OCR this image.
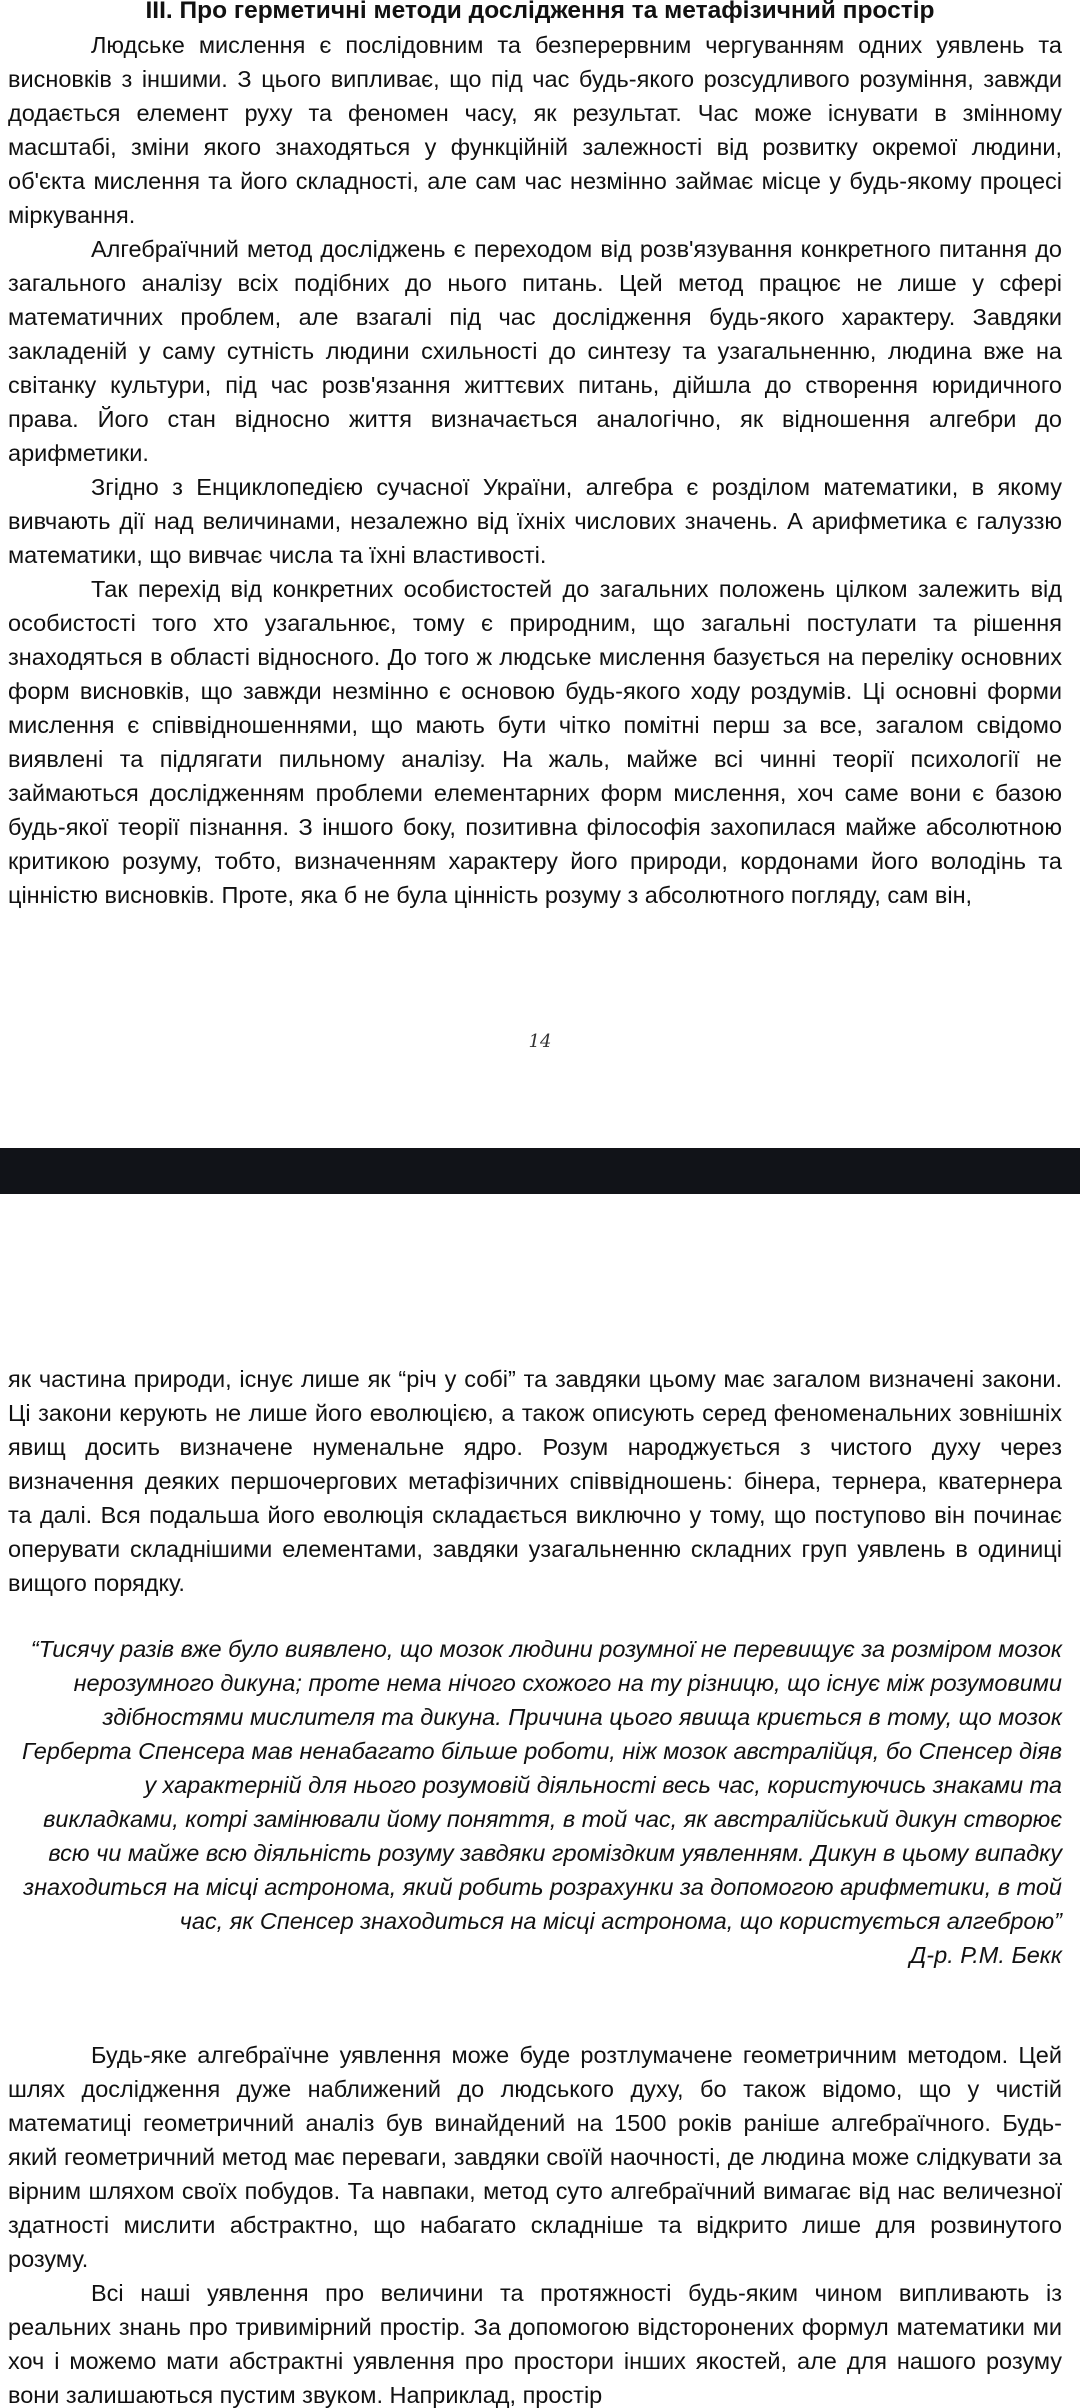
III. Про герметичні методи дослідження та метафізичний простір

Людське мислення є послідовним та безперервним чергуванням одних уявлень та висновків з іншими. З цього випливає, що під час будь-якого розсудливого розуміння, завжди додається елемент руху та феномен часу, як результат. Час може існувати в змінному масштабі, зміни якого знаходяться у функційній залежності від розвитку окремої людини, об'єкта мислення та його складності, але сам час незмінно займає місце у будь-якому процесі міркування.

Алгебраїчний метод досліджень є переходом від розв'язування конкретного питання до загального аналізу всіх подібних до нього питань. Цей метод працює не лише у сфері математичних проблем, але взагалі під час дослідження будь-якого характеру. Завдяки закладеній у саму сутність людини схильності до синтезу та узагальненню, людина вже на світанку культури, під час розв'язання життєвих питань, дійшла до створення юридичного права. Його стан відносно життя визначається аналогічно, як відношення алгебри до арифметики.

Згідно з Енциклопедією сучасної України, алгебра є розділом математики, в якому вивчають дії над величинами, незалежно від їхніх числових значень. А арифметика є галуззю математики, що вивчає числа та їхні властивості.

Так перехід від конкретних особистостей до загальних положень цілком залежить від особистості того хто узагальнює, тому є природним, що загальні постулати та рішення знаходяться в області відносного. До того ж людське мислення базується на переліку основних форм висновків, що завжди незмінно є основою будь-якого ходу роздумів. Ці основні форми мислення є співвідношеннями, що мають бути чітко помітні перш за все, загалом свідомо виявлені та підлягати пильному аналізу. На жаль, майже всі чинні теорії психології не займаються дослідженням проблеми елементарних форм мислення, хоч саме вони є базою будь-якої теорії пізнання. З іншого боку, позитивна філософія захопилася майже абсолютною критикою розуму, тобто, визначенням характеру його природи, кордонами його володінь та цінністю висновків. Проте, яка б не була цінність розуму з абсолютного погляду, сам він,

14

як частина природи, існує лише як “річ у собі” та завдяки цьому має загалом визначені закони. Ці закони керують не лише його еволюцією, а також описують серед феноменальних зовнішніх явищ досить визначене нуменальне ядро. Розум народжується з чистого духу через визначення деяких першочергових метафізичних співвідношень: бінера, тернера, кватернера та далі. Вся подальша його еволюція складається виключно у тому, що поступово він починає оперувати складнішими елементами, завдяки узагальненню складних груп уявлень в одиниці вищого порядку.

“Тисячу разів вже було виявлено, що мозок людини розумної не перевищує за розміром мозок нерозумного дикуна; проте нема нічого схожого на ту різницю, що існує між розумовими здібностями мислителя та дикуна. Причина цього явища криється в тому, що мозок Герберта Спенсера мав ненабагато більше роботи, ніж мозок австралійця, бо Спенсер діяв у характерній для нього розумовій діяльності весь час, користуючись знаками та викладками, котрі замінювали йому поняття, в той час, як австралійський дикун створює всю чи майже всю діяльність розуму завдяки громіздким уявленням. Дикун в цьому випадку знаходиться на місці астронома, який робить розрахунки за допомогою арифметики, в той час, як Спенсер знаходиться на місці астронома, що користується алгеброю”

Д-р. Р.М. Бекк

Будь-яке алгебраїчне уявлення може буде розтлумачене геометричним методом. Цей шлях дослідження дуже наближений до людського духу, бо також відомо, що у чистій математиці геометричний аналіз був винайдений на 1500 років раніше алгебраїчного. Будь-який геометричний метод має переваги, завдяки своїй наочності, де людина може слідкувати за вірним шляхом своїх побудов. Та навпаки, метод суто алгебраїчний вимагає від нас величезної здатності мислити абстрактно, що набагато складніше та відкрито лише для розвинутого розуму.

Всі наші уявлення про величини та протяжності будь-яким чином випливають із реальних знань про тривимірний простір. За допомогою відсторонених формул математики ми хоч і можемо мати абстрактні уявлення про простори інших якостей, але для нашого розуму вони залишаються пустим звуком. Наприклад, простір
